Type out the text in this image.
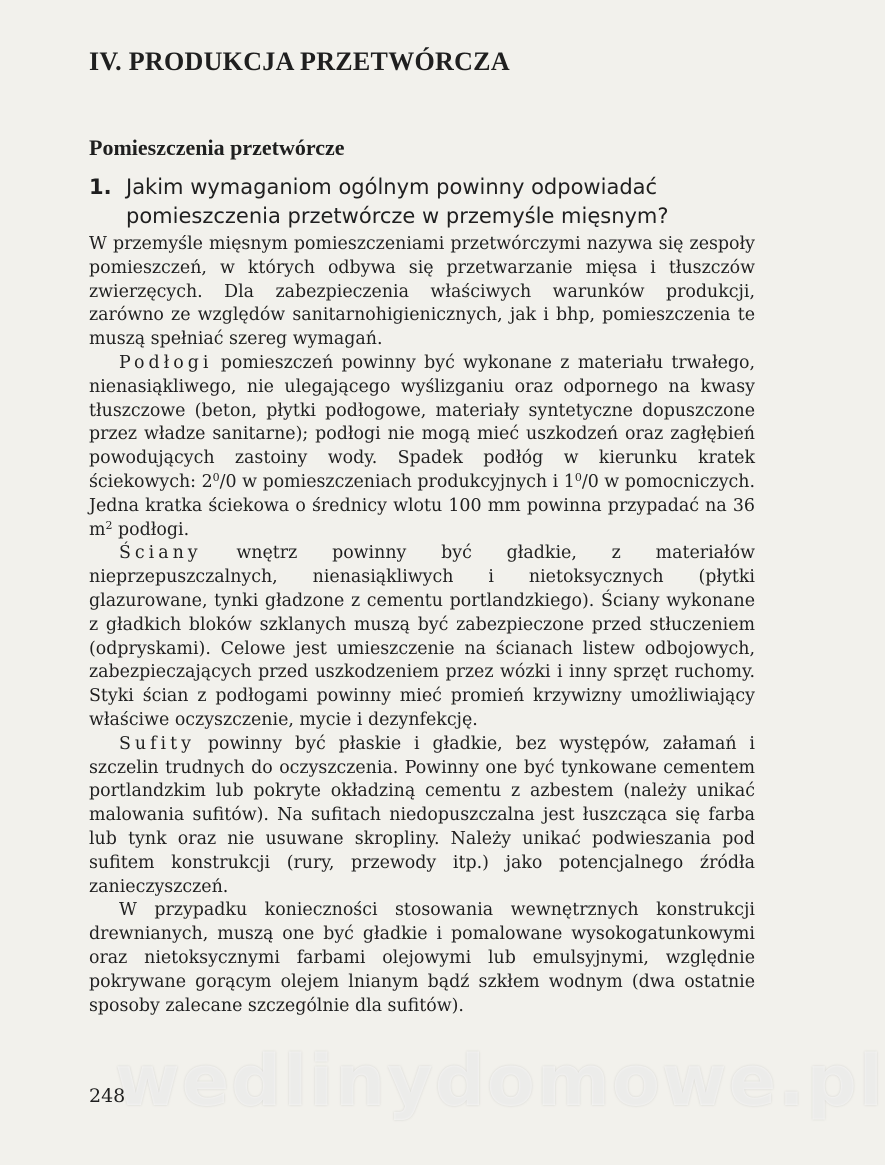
IV. PRODUKCJA PRZETWÓRCZA
Pomieszczenia przetwórcze
1. Jakim wymaganiom ogólnym powinny odpowiadać pomieszczenia przetwórcze w przemyśle mięsnym?

W przemyśle mięsnym pomieszczeniami przetwórczymi nazywa się zespoły pomieszczeń, w których odbywa się przetwarzanie mięsa i tłuszczów zwierzęcych. Dla zabezpieczenia właściwych warunków produkcji, zarówno ze względów sanitarnohigienicznych, jak i bhp, pomieszczenia te muszą spełniać szereg wymagań.

Podłogi pomieszczeń powinny być wykonane z materiału trwałego, nienasiąkliwego, nie ulegającego wyślizganiu oraz odpornego na kwasy tłuszczowe (beton, płytki podłogowe, materiały syntetyczne dopuszczone przez władze sanitarne); podłogi nie mogą mieć uszkodzeń oraz zagłębień powodujących zastoiny wody. Spadek podłóg w kierunku kratek ściekowych: $2^0/0$ w pomieszczeniach produkcyjnych i $1^0/0$ w pomocniczych. Jedna kratka ściekowa o średnicy wlotu 100 mm powinna przypadać na 36 $m^2$ podłogi.

Ściany wnętrz powinny być gładkie, z materiałów nieprzepuszczalnych, nienasiąkliwych i nietoksycznych (płytki glazurowane, tynki gładzone z cementu portlandzkiego). Ściany wykonane z gładkich bloków szklanych muszą być zabezpieczone przed stłuczeniem (odpryskami). Celowe jest umieszczenie na ścianach listew odbojowych, zabezpieczających przed uszkodzeniem przez wózki i inny sprzęt ruchomy. Styki ścian z podłogami powinny mieć promień krzywizny umożliwiający właściwe oczyszczenie, mycie i dezynfekcję.

Sufity powinny być płaskie i gładkie, bez występów, załamań i szczelin trudnych do oczyszczenia. Powinny one być tynkowane cementem portlandzkim lub pokryte okładziną cementu z azbestem (należy unikać malowania sufitów). Na sufitach niedopuszczalna jest łuszcząca się farba lub tynk oraz nie usuwane skropliny. Należy unikać podwieszania pod sufitem konstrukcji (rury, przewody itp.) jako potencjalnego źródła zanieczyszczeń.

W przypadku konieczności stosowania wewnętrznych konstrukcji drewnianych, muszą one być gładkie i pomalowane wysokogatunkowymi oraz nietoksycznymi farbami olejowymi lub emulsyjnymi, względnie pokrywane gorącym olejem lnianym bądź szkłem wodnym (dwa ostatnie sposoby zalecane szczególnie dla sufitów).

248
wedlinydomowe.pl
